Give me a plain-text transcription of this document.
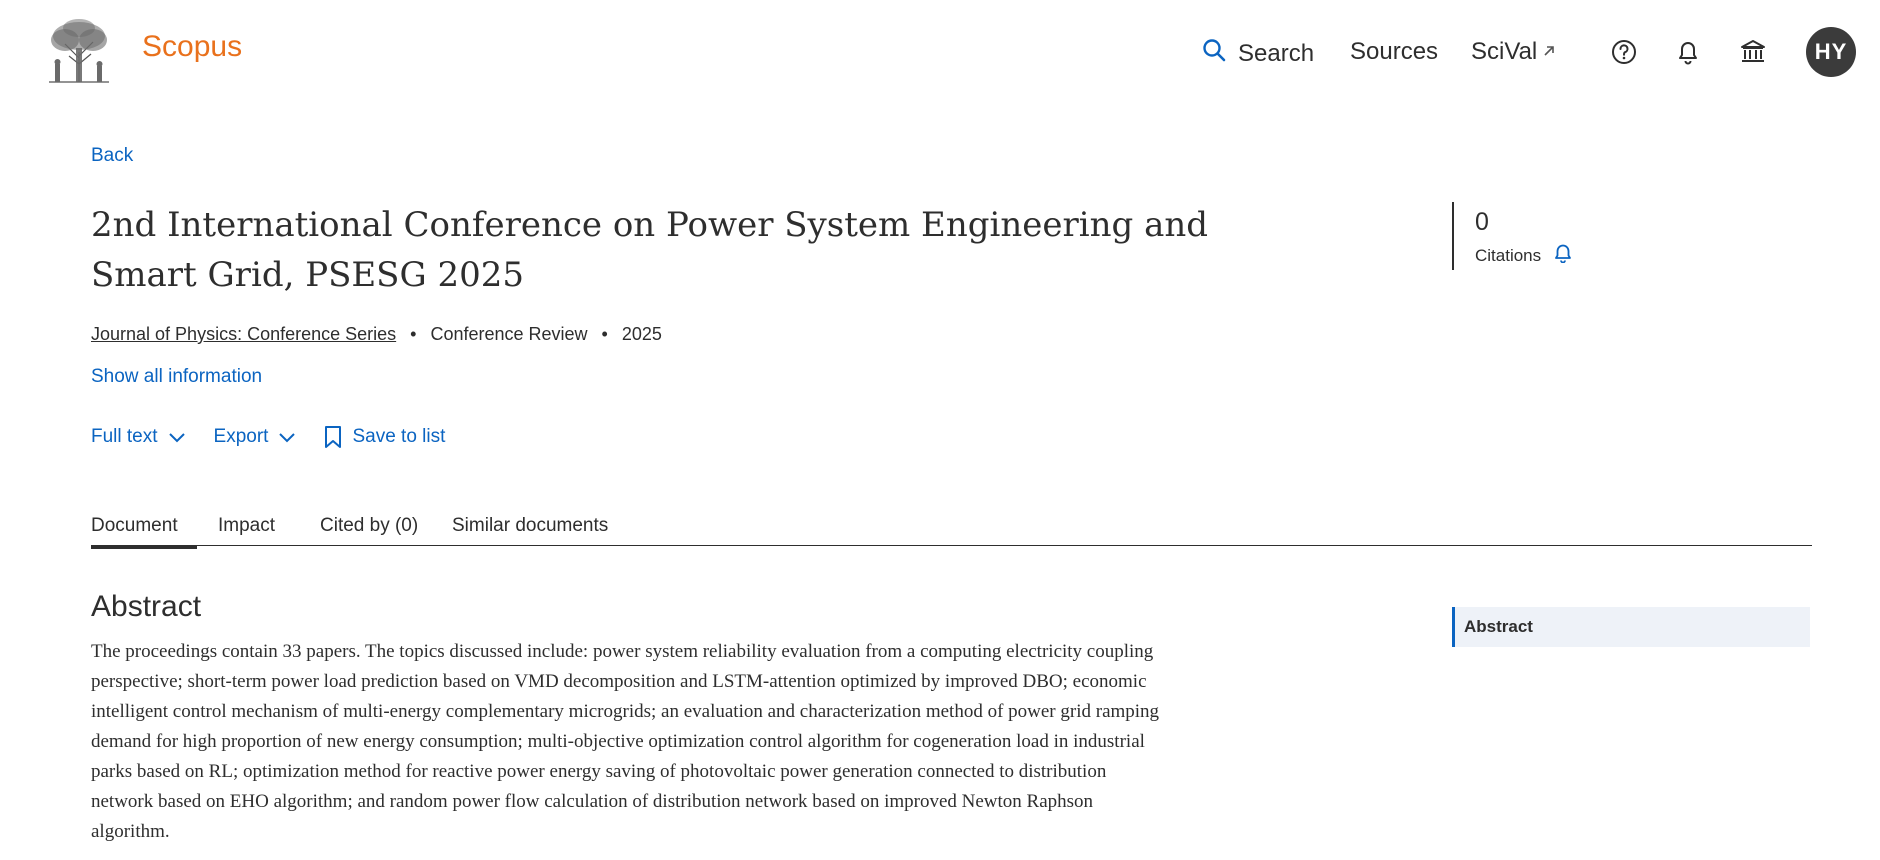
Scopus	Search Sources SciVal	HY
Back
2nd International Conference on Power System Engineering and Smart Grid, PSESG 2025
Journal of Physics: Conference Series • Conference Review • 2025
Show all information
Full text	Export	Save to list
0
Citations
Document Impact Cited by (0) Similar documents
Abstract

The proceedings contain 33 papers. The topics discussed include: power system reliability evaluation from a computing electricity coupling perspective; short-term power load prediction based on VMD decomposition and LSTM-attention optimized by improved DBO; economic intelligent control mechanism of multi-energy complementary microgrids; an evaluation and characterization method of power grid ramping demand for high proportion of new energy consumption; multi-objective optimization control algorithm for cogeneration load in industrial parks based on RL; optimization method for reactive power energy saving of photovoltaic power generation connected to distribution network based on EHO algorithm; and random power flow calculation of distribution network based on improved Newton Raphson algorithm.

Abstract
